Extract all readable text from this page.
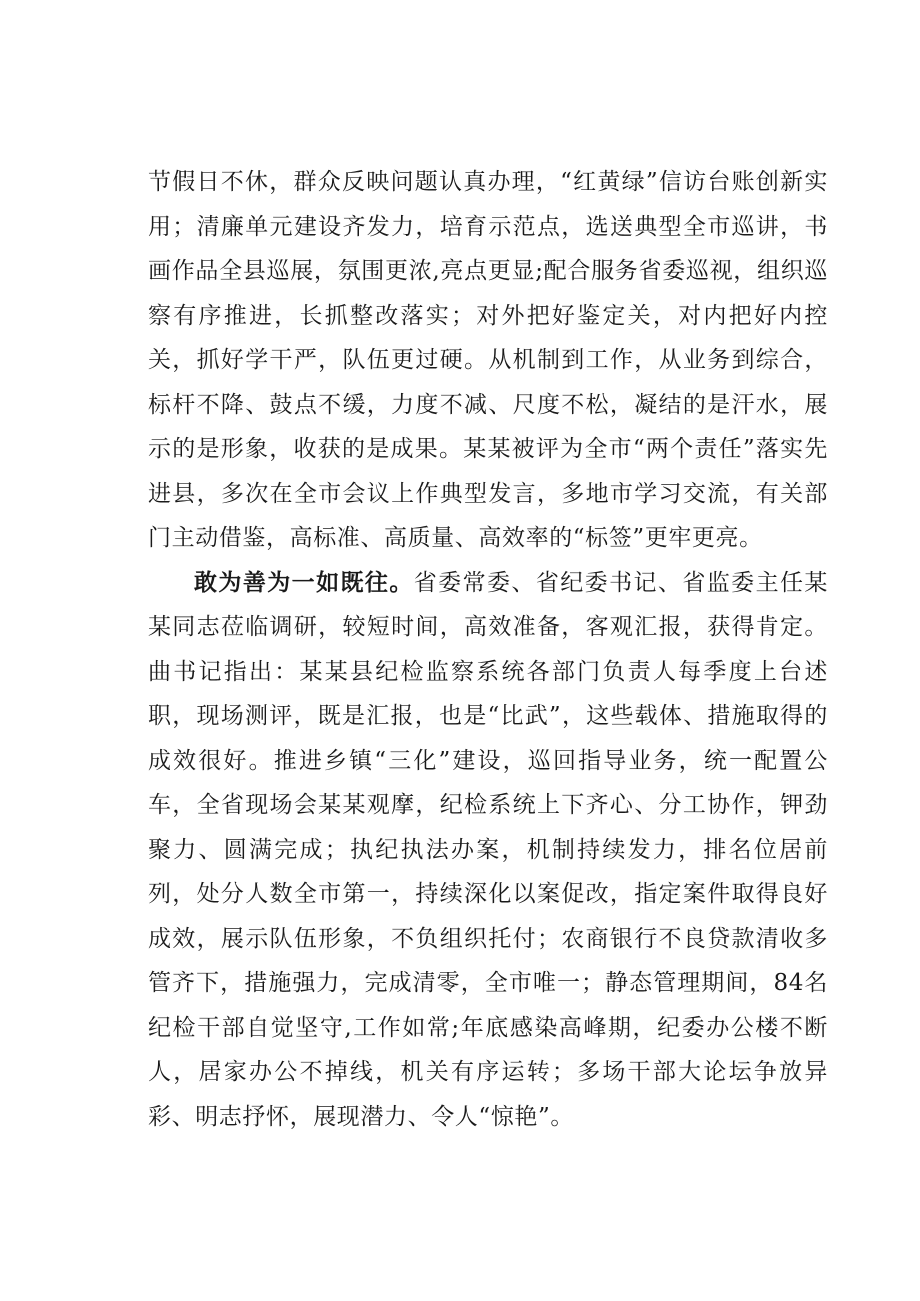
节假日不休，群众反映问题认真办理，“红黄绿”信访台账创新实用；清廉单元建设齐发力，培育示范点，选送典型全市巡讲，书画作品全县巡展，氛围更浓,亮点更显;配合服务省委巡视，组织巡察有序推进，长抓整改落实；对外把好鉴定关，对内把好内控关，抓好学干严，队伍更过硬。从机制到工作，从业务到综合，标杆不降、鼓点不缓，力度不减、尺度不松，凝结的是汗水，展示的是形象，收获的是成果。某某被评为全市“两个责任”落实先进县，多次在全市会议上作典型发言，多地市学习交流，有关部门主动借鉴，高标准、高质量、高效率的“标签”更牢更亮。

敢为善为一如既往。省委常委、省纪委书记、省监委主任某某同志莅临调研，较短时间，高效准备，客观汇报，获得肯定。曲书记指出：某某县纪检监察系统各部门负责人每季度上台述职，现场测评，既是汇报，也是“比武”，这些载体、措施取得的成效很好。推进乡镇“三化”建设，巡回指导业务，统一配置公车，全省现场会某某观摩，纪检系统上下齐心、分工协作，钾劲聚力、圆满完成；执纪执法办案，机制持续发力，排名位居前列，处分人数全市第一，持续深化以案促改，指定案件取得良好成效，展示队伍形象，不负组织托付；农商银行不良贷款清收多管齐下，措施强力，完成清零，全市唯一；静态管理期间，84名纪检干部自觉坚守,工作如常;年底感染高峰期，纪委办公楼不断人，居家办公不掉线，机关有序运转；多场干部大论坛争放异彩、明志抒怀，展现潜力、令人“惊艳”。
